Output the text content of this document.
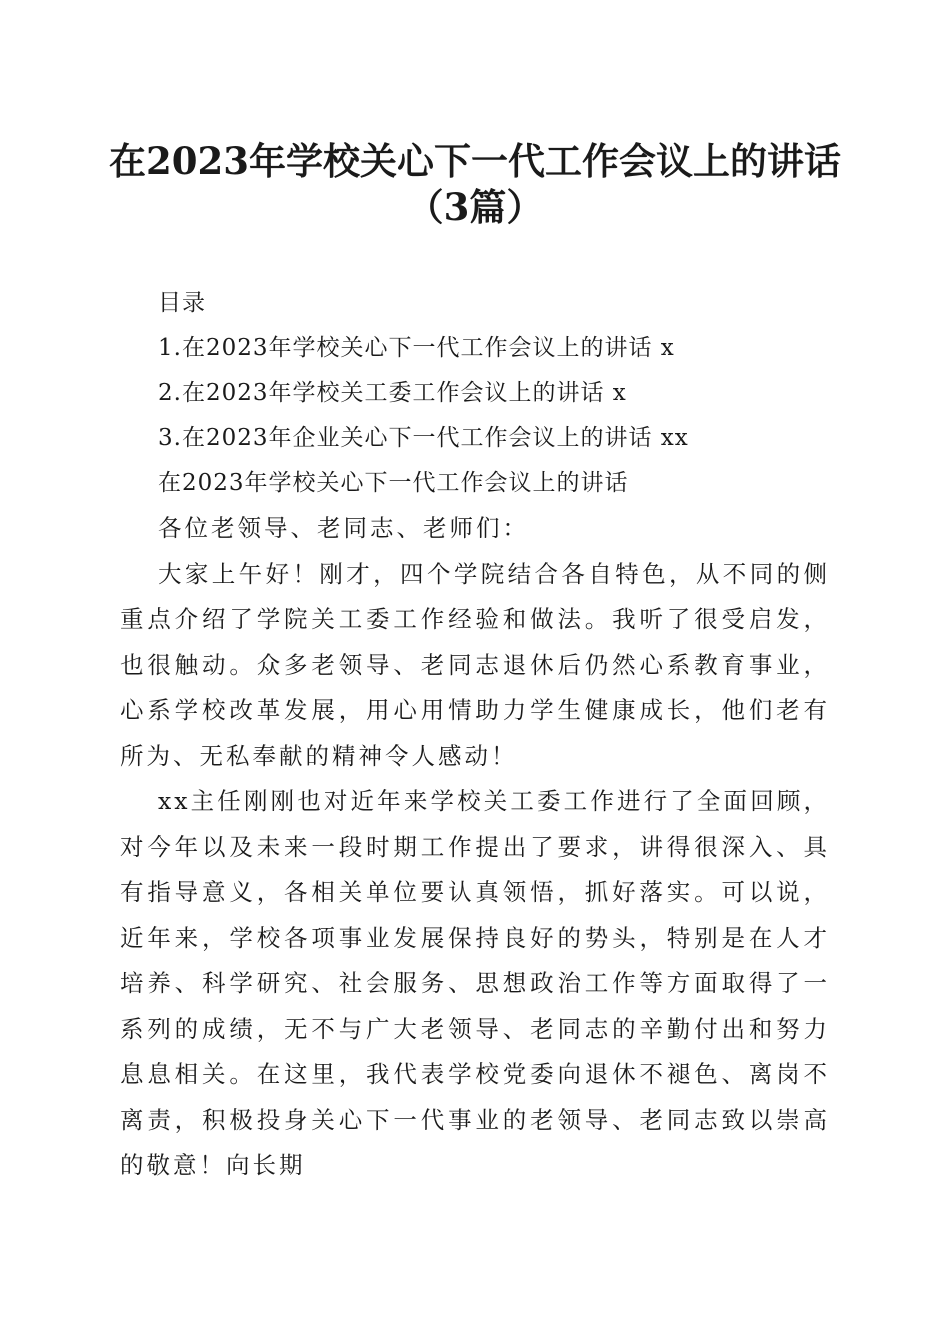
在2023年学校关心下一代工作会议上的讲话
（3篇）
目录
1.在2023年学校关心下一代工作会议上的讲话 x
2.在2023年学校关工委工作会议上的讲话 x
3.在2023年企业关心下一代工作会议上的讲话 xx
在2023年学校关心下一代工作会议上的讲话

各位老领导、老同志、老师们：

大家上午好！刚才，四个学院结合各自特色，从不同的侧重点介绍了学院关工委工作经验和做法。我听了很受启发，也很触动。众多老领导、老同志退休后仍然心系教育事业，心系学校改革发展，用心用情助力学生健康成长，他们老有所为、无私奉献的精神令人感动！

xx主任刚刚也对近年来学校关工委工作进行了全面回顾，对今年以及未来一段时期工作提出了要求，讲得很深入、具有指导意义，各相关单位要认真领悟，抓好落实。可以说，近年来，学校各项事业发展保持良好的势头，特别是在人才培养、科学研究、社会服务、思想政治工作等方面取得了一系列的成绩，无不与广大老领导、老同志的辛勤付出和努力息息相关。在这里，我代表学校党委向退休不褪色、离岗不离责，积极投身关心下一代事业的老领导、老同志致以崇高的敬意！向长期
